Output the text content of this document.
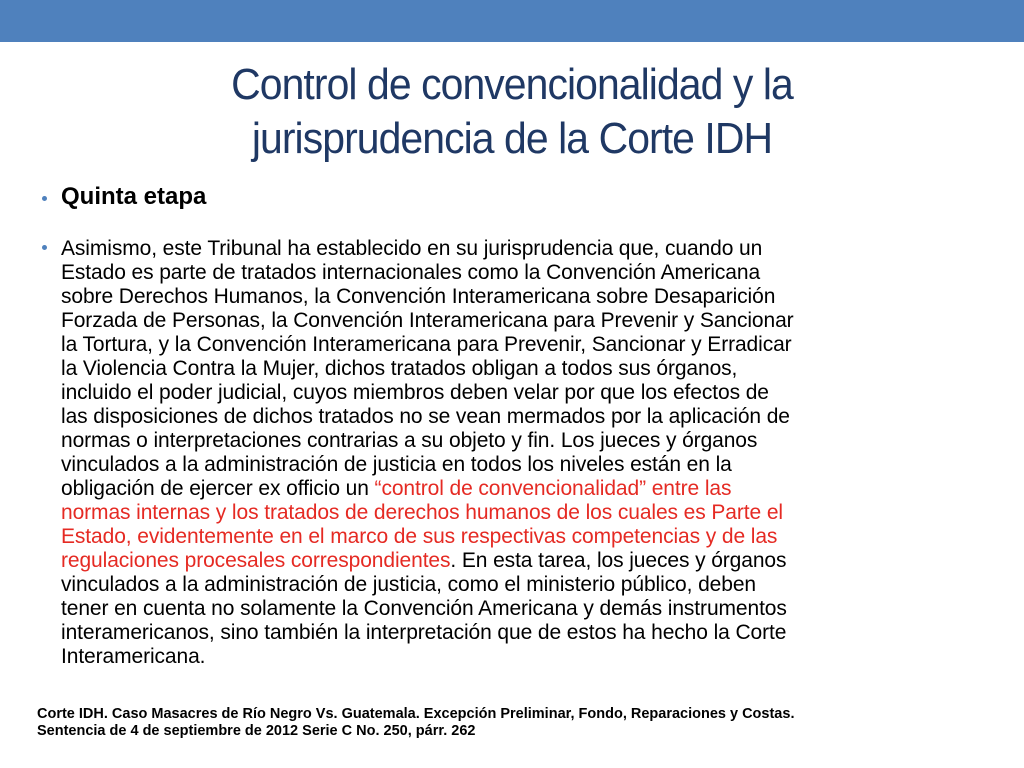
Control de convencionalidad y la
jurisprudencia de la Corte IDH

Quinta etapa

Asimismo, este Tribunal ha establecido en su jurisprudencia que, cuando un
Estado es parte de tratados internacionales como la Convención Americana
sobre Derechos Humanos, la Convención Interamericana sobre Desaparición
Forzada de Personas, la Convención Interamericana para Prevenir y Sancionar
la Tortura, y la Convención Interamericana para Prevenir, Sancionar y Erradicar
la Violencia Contra la Mujer, dichos tratados obligan a todos sus órganos,
incluido el poder judicial, cuyos miembros deben velar por que los efectos de
las disposiciones de dichos tratados no se vean mermados por la aplicación de
normas o interpretaciones contrarias a su objeto y fin. Los jueces y órganos
vinculados a la administración de justicia en todos los niveles están en la
obligación de ejercer ex officio un “control de convencionalidad” entre las
normas internas y los tratados de derechos humanos de los cuales es Parte el
Estado, evidentemente en el marco de sus respectivas competencias y de las
regulaciones procesales correspondientes. En esta tarea, los jueces y órganos
vinculados a la administración de justicia, como el ministerio público, deben
tener en cuenta no solamente la Convención Americana y demás instrumentos
interamericanos, sino también la interpretación que de estos ha hecho la Corte
Interamericana.

Corte IDH. Caso Masacres de Río Negro Vs. Guatemala. Excepción Preliminar, Fondo, Reparaciones y Costas.
Sentencia de 4 de septiembre de 2012 Serie C No. 250, párr. 262
